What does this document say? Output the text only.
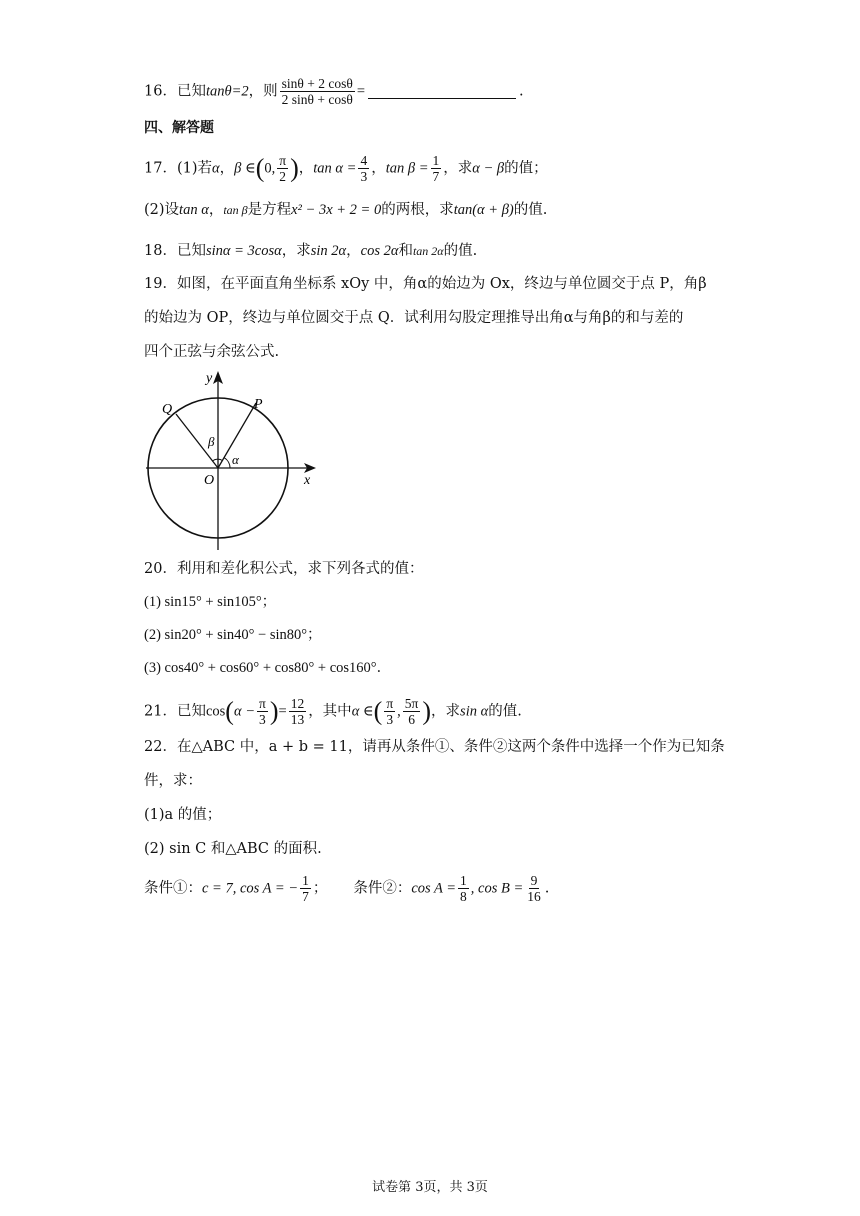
16．已知tanθ=2，则 $\frac{\sin\theta + 2 \cos\theta}{2 \sin\theta + \cos\theta}$ =	.
四、解答题
17．(1)若α，β ∈(0, $\frac{\pi}{2}$ )，$\tan \alpha = \frac{4}{3}$ ，$\tan \beta = \frac{1}{7}$ ，求α − β的值；
(2)设tan α，tan β是方程x² − 3x + 2 = 0的两根，求tan(α + β)的值.
18．已知sinα = 3cosα，求sin 2α，cos 2α和tan 2α的值.
19．如图，在平面直角坐标系 xOy 中，角α的始边为 Ox，终边与单位圆交于点 P，角β
的始边为 OP，终边与单位圆交于点 Q．试利用勾股定理推导出角α与角β的和与差的
四个正弦与余弦公式.
y
x
O
P
Q
α
β
20．利用和差化积公式，求下列各式的值：
(1) sin15° + sin105°；
(2) sin20° + sin40° − sin80°；
(3) cos40° + cos60° + cos80° + cos160°．
21．已知$\cos(\alpha - \frac{\pi}{3}$ )= $\frac{12}{13}$ ，其中α ∈( $\frac{\pi}{3}$ , $\frac{5\pi}{6}$ )，求sin α的值.
22．在△ABC 中，a + b = 11，请再从条件①、条件②这两个条件中选择一个作为已知条
件，求：
(1)a 的值；
(2) sin C 和△ABC 的面积.
条件①：c = 7, cos A = − $\frac{1}{7}$ ； 条件②：$\cos A = \frac{1}{8}$ , $\cos B = \frac{9}{16}$ .
试卷第 3页，共 3页
